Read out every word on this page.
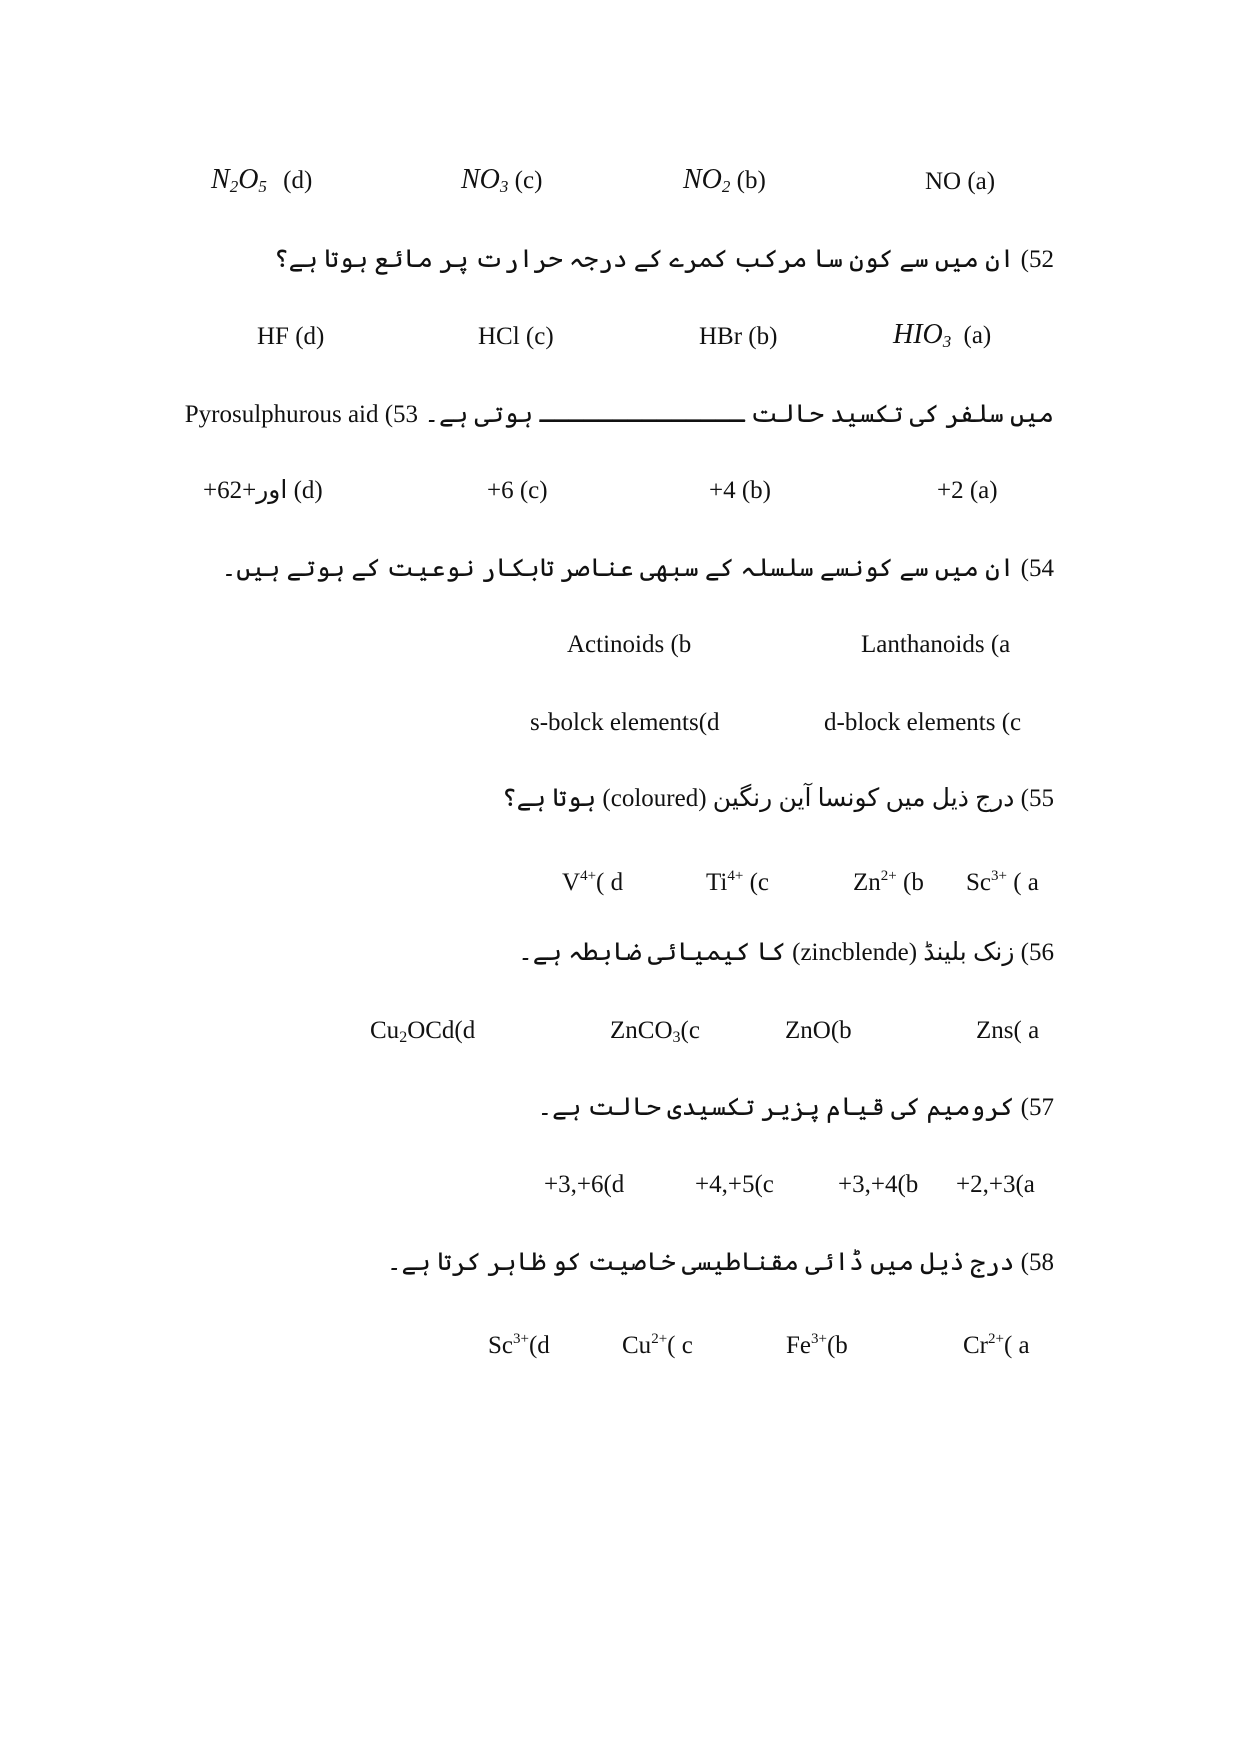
$N_2O_5$ (d)	$NO_3$ (c)	$NO_2$ (b)	NO (a)
52) ان میں سے کون سا مرکب کمرے کے درجہ حرارت پر مائع ہوتا ہے؟
HF (d)	HCl (c)	HBr (b)	$HIO_3$ (a)
Pyrosulphurous aid (53 میں سلفر کی تکسید حالت ــــــــــــــ ہوتی ہے۔
+6اور+2 (d)	+6 (c)	+4 (b)	+2 (a)
54) ان میں سے کونسے سلسلہ کے سبھی عناصر تابکار نوعیت کے ہوتے ہیں۔
Actinoids (b	Lanthanoids (a
s-bolck elements(d	d-block elements (c
55) درج ذیل میں کونسا آین رنگین (coloured) ہوتا ہے؟
$V^{4+}$( d	$Ti^{4+}$ (c	$Zn^{2+}$ (b $Sc^{3+}$ ( a
56) زنک بلینڈ (zincblende) کا کیمیائی ضابطہ ہے۔
$Cu_2OCd(d$	ZnCO$_3$(c	ZnO(b	Zns( a
57) کرومیم کی قیام پزیر تکسیدی حالت ہے۔
+3,+6(d	+4,+5(c	+3,+4(b +2,+3(a
58) درج ذیل میں ڈائی مقناطیسی خاصیت کو ظاہر کرتا ہے۔
$Sc^{3+}(d$	$Cu^{2+}$( c	$Fe^{3+}(b$	$Cr^{2+}$( a
